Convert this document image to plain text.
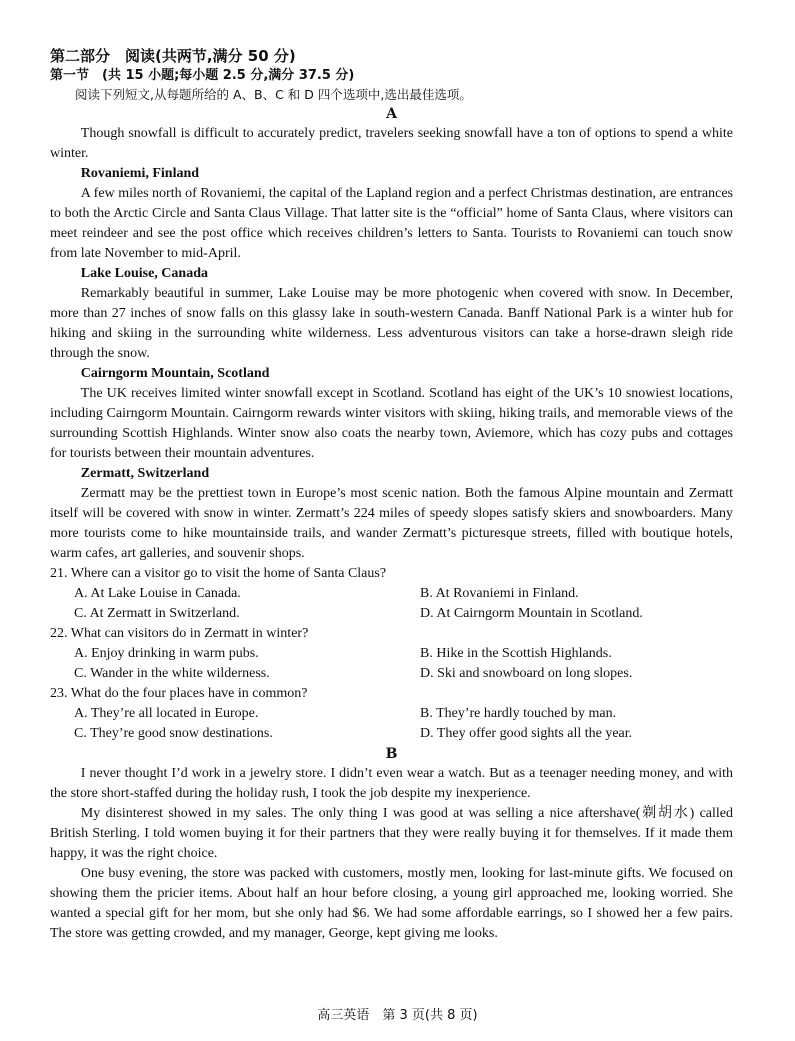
第二部分　阅读(共两节,满分 50 分)
第一节　(共 15 小题;每小题 2.5 分,满分 37.5 分)
阅读下列短文,从每题所给的 A、B、C 和 D 四个选项中,选出最佳选项。
A

Though snowfall is difficult to accurately predict, travelers seeking snowfall have a ton of options to spend a white winter.

Rovaniemi, Finland

A few miles north of Rovaniemi, the capital of the Lapland region and a perfect Christmas destination, are entrances to both the Arctic Circle and Santa Claus Village. That latter site is the “official” home of Santa Claus, where visitors can meet reindeer and see the post office which receives children’s letters to Santa. Tourists to Rovaniemi can touch snow from late November to mid-April.

Lake Louise, Canada

Remarkably beautiful in summer, Lake Louise may be more photogenic when covered with snow. In December, more than 27 inches of snow falls on this glassy lake in south-western Canada. Banff National Park is a winter hub for hiking and skiing in the surrounding white wilderness. Less adventurous visitors can take a horse-drawn sleigh ride through the snow.

Cairngorm Mountain, Scotland

The UK receives limited winter snowfall except in Scotland. Scotland has eight of the UK’s 10 snowiest locations, including Cairngorm Mountain. Cairngorm rewards winter visitors with skiing, hiking trails, and memorable views of the surrounding Scottish Highlands. Winter snow also coats the nearby town, Aviemore, which has cozy pubs and cottages for tourists between their mountain adventures.

Zermatt, Switzerland

Zermatt may be the prettiest town in Europe’s most scenic nation. Both the famous Alpine mountain and Zermatt itself will be covered with snow in winter. Zermatt’s 224 miles of speedy slopes satisfy skiers and snowboarders. Many more tourists come to hike mountainside trails, and wander Zermatt’s picturesque streets, filled with boutique hotels, warm cafes, art galleries, and souvenir shops.

21. Where can a visitor go to visit the home of Santa Claus?
A. At Lake Louise in Canada.	B. At Rovaniemi in Finland.
C. At Zermatt in Switzerland.	D. At Cairngorm Mountain in Scotland.
22. What can visitors do in Zermatt in winter?
A. Enjoy drinking in warm pubs.	B. Hike in the Scottish Highlands.
C. Wander in the white wilderness.	D. Ski and snowboard on long slopes.
23. What do the four places have in common?
A. They’re all located in Europe.	B. They’re hardly touched by man.
C. They’re good snow destinations.	D. They offer good sights all the year.
B

I never thought I’d work in a jewelry store. I didn’t even wear a watch. But as a teenager needing money, and with the store short-staffed during the holiday rush, I took the job despite my inexperience.

My disinterest showed in my sales. The only thing I was good at was selling a nice aftershave(剃胡水) called British Sterling. I told women buying it for their partners that they were really buying it for themselves. If it made them happy, it was the right choice.

One busy evening, the store was packed with customers, mostly men, looking for last-minute gifts. We focused on showing them the pricier items. About half an hour before closing, a young girl approached me, looking worried. She wanted a special gift for her mom, but she only had $6. We had some affordable earrings, so I showed her a few pairs. The store was getting crowded, and my manager, George, kept giving me looks.

高三英语　第 3 页(共 8 页)
